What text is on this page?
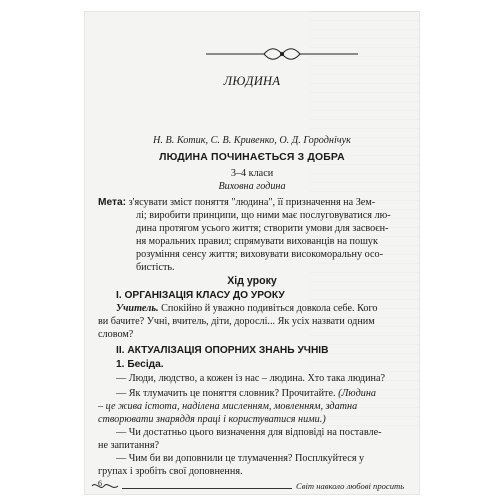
ЛЮДИНА
Н. В. Котик, С. В. Кривенко, О. Д. Городнічук
ЛЮДИНА ПОЧИНАЄТЬСЯ З ДОБРА
3–4 класи
Виховна година
Мета: з'ясувати зміст поняття "людина", її призначення на Зем-
лі; виробити принципи, що ними має послуговуватися лю-
дина протягом усього життя; створити умови для засвоєн-
ня моральних правил; спрямувати вихованців на пошук
розуміння сенсу життя; виховувати високоморальну осо-
бистість.
Хід уроку
І. ОРГАНІЗАЦІЯ КЛАСУ ДО УРОКУ
Учитель. Спокійно й уважно подивіться довкола себе. Кого
ви бачите? Учні, вчитель, діти, дорослі... Як усіх назвати одним
словом?
ІІ. АКТУАЛІЗАЦІЯ ОПОРНИХ ЗНАНЬ УЧНІВ
1. Бесіда.
— Люди, людство, а кожен із нас – людина. Хто така людина?
— Як тлумачить це поняття словник? Прочитайте. (Людина
– це жива істота, наділена мисленням, мовленням, здатна
створювати знаряддя праці і користуватися ними.)
— Чи достатньо цього визначення для відповіді на поставле-
не запитання?
— Чим би ви доповнили це тлумачення? Посплкуйтеся у
групах і зробіть свої доповнення.
6	Світ навколо любові просить
